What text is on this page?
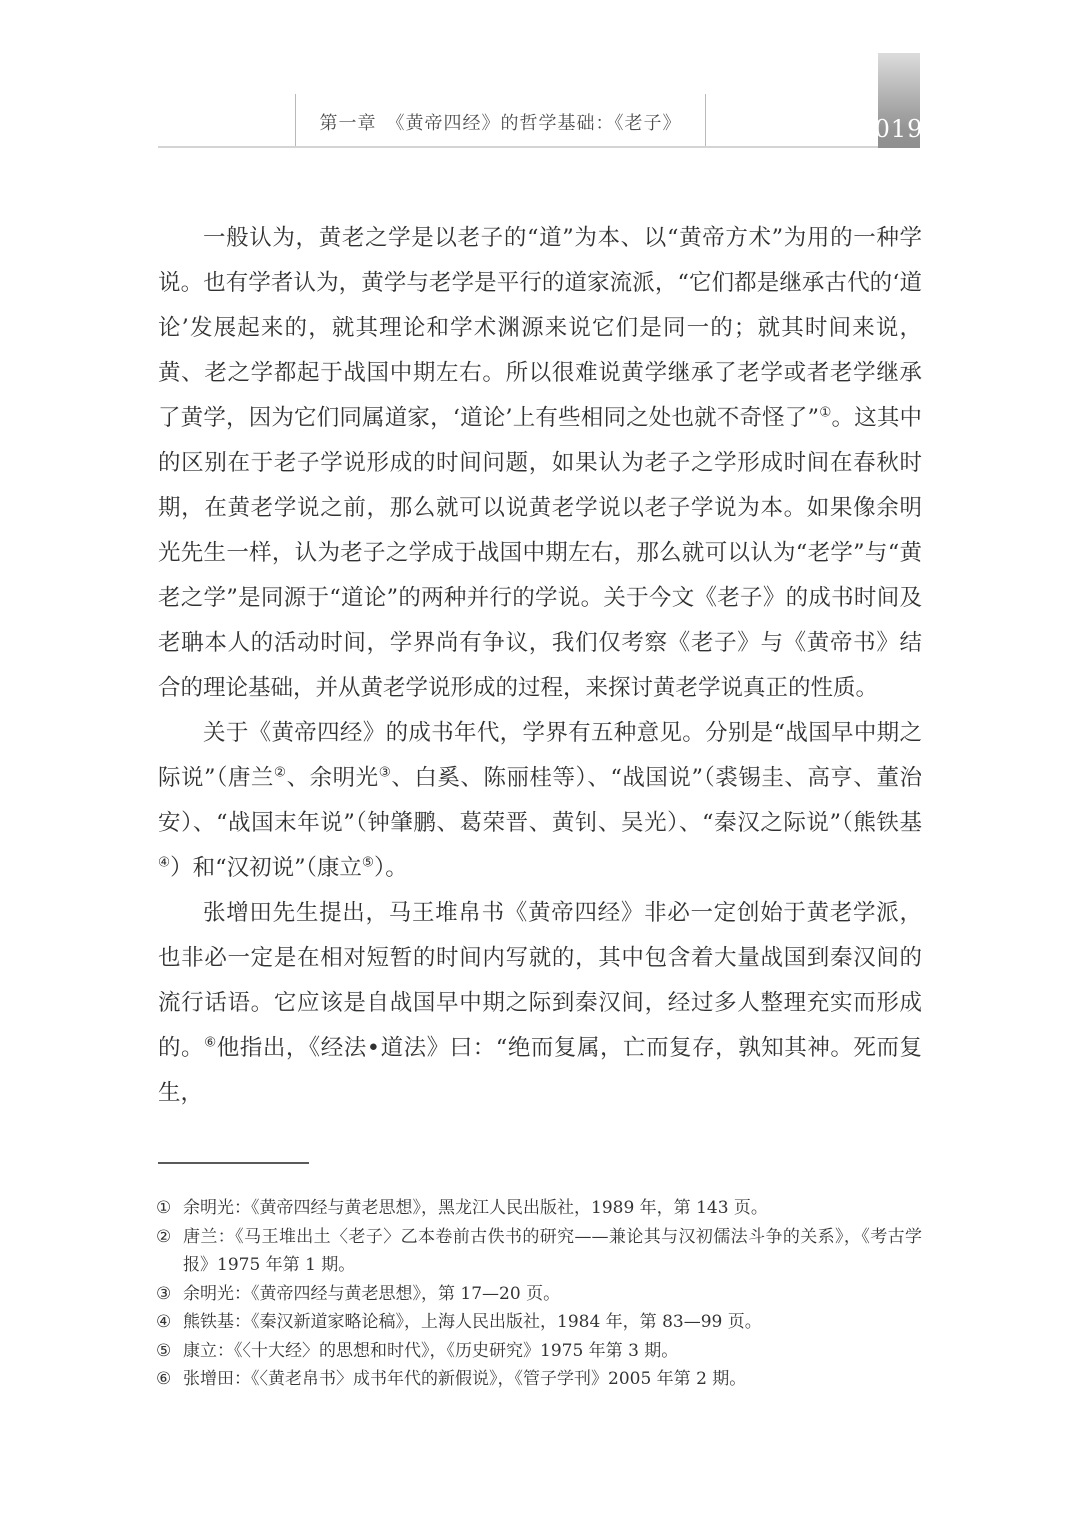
第一章　《黄帝四经》的哲学基础：《老子》	019

一般认为，黄老之学是以老子的“道”为本、以“黄帝方术”为用的一种学说。也有学者认为，黄学与老学是平行的道家流派，“它们都是继承古代的‘道论’发展起来的，就其理论和学术渊源来说它们是同一的；就其时间来说，黄、老之学都起于战国中期左右。所以很难说黄学继承了老学或者老学继承了黄学，因为它们同属道家，‘道论’上有些相同之处也就不奇怪了”①。这其中的区别在于老子学说形成的时间问题，如果认为老子之学形成时间在春秋时期，在黄老学说之前，那么就可以说黄老学说以老子学说为本。如果像余明光先生一样，认为老子之学成于战国中期左右，那么就可以认为“老学”与“黄老之学”是同源于“道论”的两种并行的学说。关于今文《老子》的成书时间及老聃本人的活动时间，学界尚有争议，我们仅考察《老子》与《黄帝书》结合的理论基础，并从黄老学说形成的过程，来探讨黄老学说真正的性质。

关于《黄帝四经》的成书年代，学界有五种意见。分别是“战国早中期之际说”（唐兰②、余明光③、白奚、陈丽桂等）、“战国说”（裘锡圭、高亨、董治安）、“战国末年说”（钟肇鹏、葛荣晋、黄钊、吴光）、“秦汉之际说”（熊铁基④）和“汉初说”（康立⑤）。

张增田先生提出，马王堆帛书《黄帝四经》非必一定创始于黄老学派，也非必一定是在相对短暂的时间内写就的，其中包含着大量战国到秦汉间的流行话语。它应该是自战国早中期之际到秦汉间，经过多人整理充实而形成的。⑥他指出，《经法•道法》曰：“绝而复属，亡而复存，孰知其神。死而复生，

① 余明光：《黄帝四经与黄老思想》，黑龙江人民出版社，1989 年，第 143 页。
② 唐兰：《马王堆出土〈老子〉乙本卷前古佚书的研究——兼论其与汉初儒法斗争的关系》，《考古学报》1975 年第 1 期。
③ 余明光：《黄帝四经与黄老思想》，第 17—20 页。
④ 熊铁基：《秦汉新道家略论稿》，上海人民出版社，1984 年，第 83—99 页。
⑤ 康立：《〈十大经〉的思想和时代》，《历史研究》1975 年第 3 期。
⑥ 张增田：《〈黄老帛书〉成书年代的新假说》，《管子学刊》2005 年第 2 期。
